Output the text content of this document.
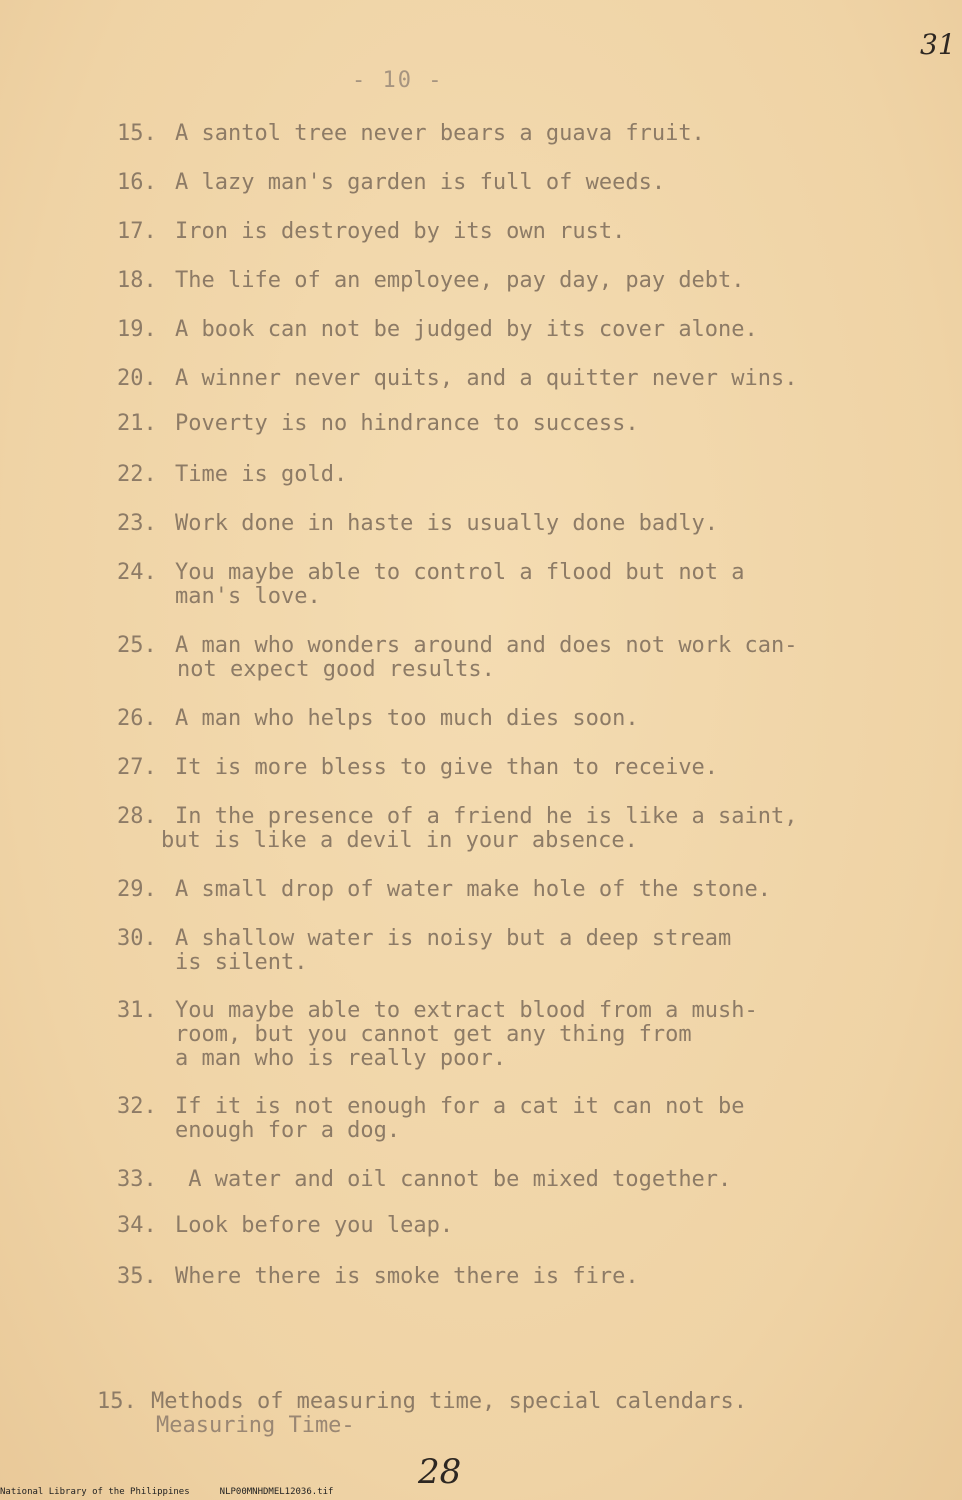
31
- 10 -
15. A santol tree never bears a guava fruit.
16. A lazy man's garden is full of weeds.
17. Iron is destroyed by its own rust.
18. The life of an employee, pay day, pay debt.
19. A book can not be judged by its cover alone.
20. A winner never quits, and a quitter never wins.
21. Poverty is no hindrance to success.
22. Time is gold.
23. Work done in haste is usually done badly.
24. You maybe able to control a flood but not a
man's love.
25. A man who wonders around and does not work can-
not expect good results.
26. A man who helps too much dies soon.
27. It is more bless to give than to receive.
28. In the presence of a friend he is like a saint,
but is like a devil in your absence.
29. A small drop of water make hole of the stone.
30. A shallow water is noisy but a deep stream
is silent.
31. You maybe able to extract blood from a mush-
room, but you cannot get any thing from
a man who is really poor.
32. If it is not enough for a cat it can not be
enough for a dog.
33. A water and oil cannot be mixed together.
34. Look before you leap.
35. Where there is smoke there is fire.

15. Methods of measuring time, special calendars.

Measuring Time-
28
National Library of the Philippines	NLP00MNHDMEL12036.tif
